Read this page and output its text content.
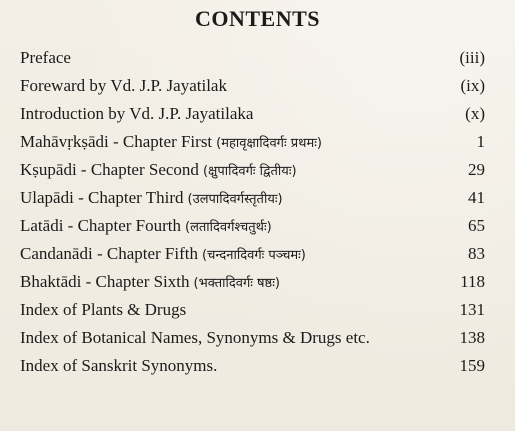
CONTENTS
Preface	(iii)
Foreward by Vd. J.P. Jayatilak	(ix)
Introduction by Vd. J.P. Jayatilaka	(x)
Mahāvṛkṣādi - Chapter First (महावृक्षादिवर्गः प्रथमः)	1
Kṣupādi - Chapter Second (क्षुपादिवर्गः द्वितीयः)	29
Ulapādi - Chapter Third (उलपादिवर्गस्तृतीयः)	41
Latādi - Chapter Fourth (लतादिवर्गश्चतुर्थः)	65
Candanādi - Chapter Fifth (चन्दनादिवर्गः पञ्चमः)	83
Bhaktādi - Chapter Sixth (भक्तादिवर्गः षष्ठः)	118
Index of Plants & Drugs	131
Index of Botanical Names, Synonyms & Drugs etc.	138
Index of Sanskrit Synonyms.	159
